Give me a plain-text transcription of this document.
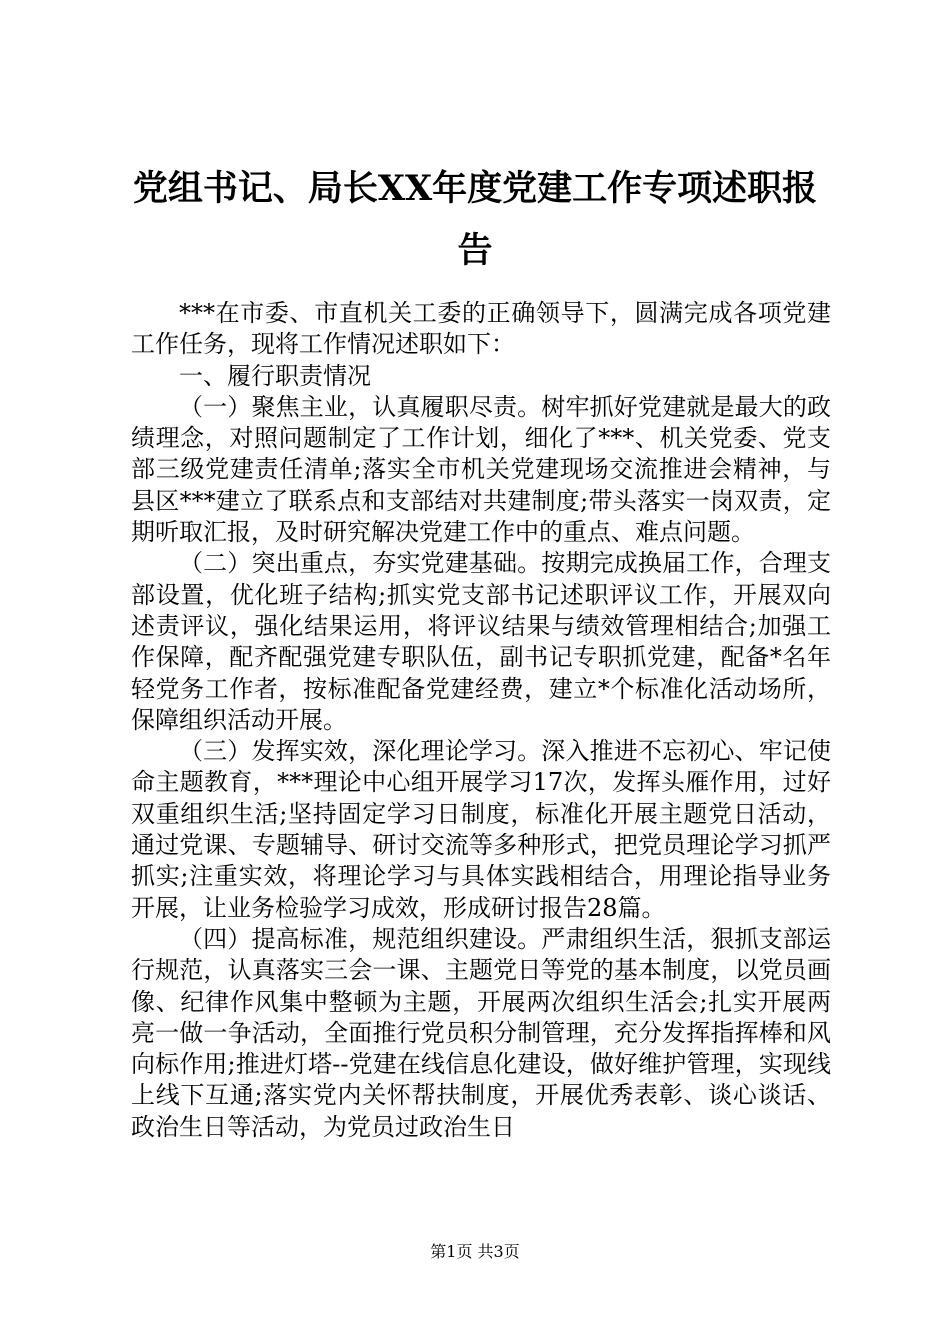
党组书记、局长XX年度党建工作专项述职报告

***在市委、市直机关工委的正确领导下，圆满完成各项党建工作任务，现将工作情况述职如下：

一、履行职责情况

（一）聚焦主业，认真履职尽责。树牢抓好党建就是最大的政绩理念，对照问题制定了工作计划，细化了***、机关党委、党支部三级党建责任清单;落实全市机关党建现场交流推进会精神，与县区***建立了联系点和支部结对共建制度;带头落实一岗双责，定期听取汇报，及时研究解决党建工作中的重点、难点问题。

（二）突出重点，夯实党建基础。按期完成换届工作，合理支部设置，优化班子结构;抓实党支部书记述职评议工作，开展双向述责评议，强化结果运用，将评议结果与绩效管理相结合;加强工作保障，配齐配强党建专职队伍，副书记专职抓党建，配备*名年轻党务工作者，按标准配备党建经费，建立*个标准化活动场所，保障组织活动开展。

（三）发挥实效，深化理论学习。深入推进不忘初心、牢记使命主题教育，***理论中心组开展学习17次，发挥头雁作用，过好双重组织生活;坚持固定学习日制度，标准化开展主题党日活动，通过党课、专题辅导、研讨交流等多种形式，把党员理论学习抓严抓实;注重实效，将理论学习与具体实践相结合，用理论指导业务开展，让业务检验学习成效，形成研讨报告28篇。

（四）提高标准，规范组织建设。严肃组织生活，狠抓支部运行规范，认真落实三会一课、主题党日等党的基本制度，以党员画像、纪律作风集中整顿为主题，开展两次组织生活会;扎实开展两亮一做一争活动，全面推行党员积分制管理，充分发挥指挥棒和风向标作用;推进灯塔--党建在线信息化建设，做好维护管理，实现线上线下互通;落实党内关怀帮扶制度，开展优秀表彰、谈心谈话、政治生日等活动，为党员过政治生日

第1页 共3页
